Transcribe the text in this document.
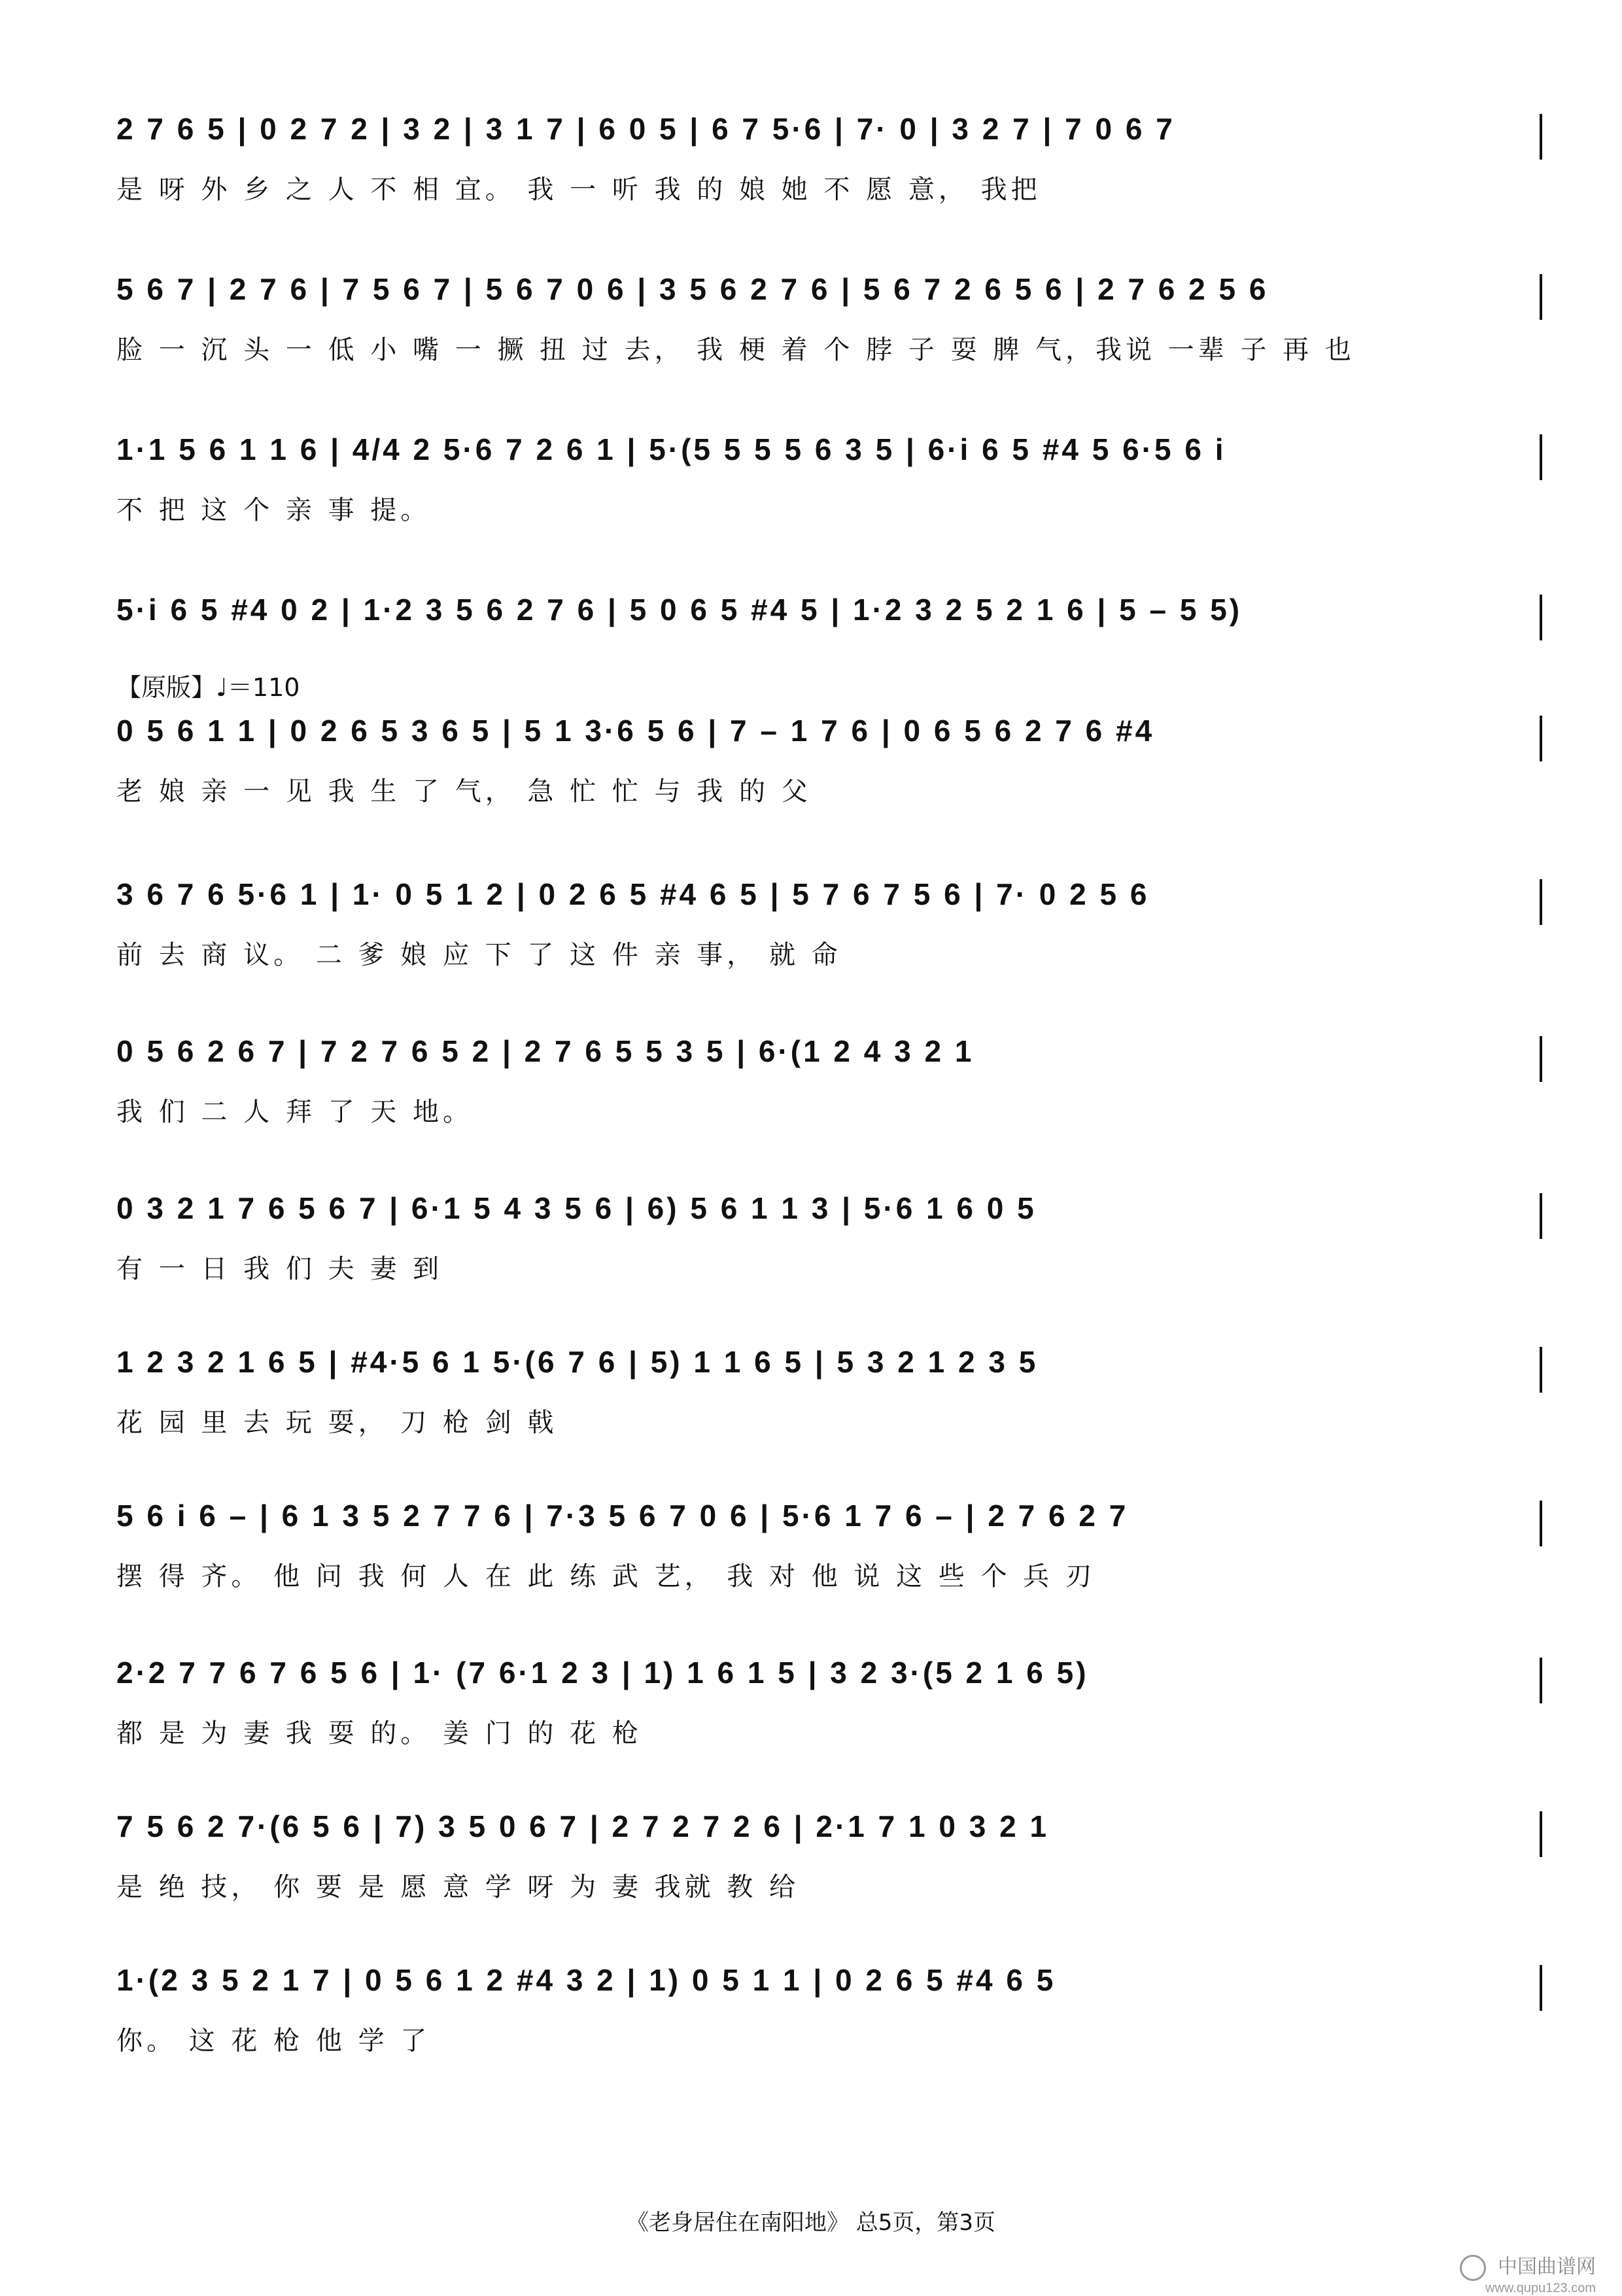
2 7 6 5 | 0 2 7 2 | 3 2 | 3 1 7 | 6 0 5 | 6 7 5·6 | 7· 0 | 3 2 7 | 7 0 6 7
是 呀 外 乡 之 人 不 相 宜。 我 一 听 我 的 娘 她 不 愿 意， 我把
5 6 7 | 2 7 6 | 7 5 6 7 | 5 6 7 0 6 | 3 5 6 2 7 6 | 5 6 7 2 6 5 6 | 2 7 6 2 5 6
脸 一 沉 头 一 低 小 嘴 一 撅 扭 过 去， 我 梗 着 个 脖 子 耍 脾 气，我说 一辈 子 再 也
1·1 5 6 1 1 6 | 4/4 2 5·6 7 2 6 1 | 5·(5 5 5 5 6 3 5 | 6·i 6 5 #4 5 6·5 6 i
不 把 这 个 亲 事 提。
5·i 6 5 #4 0 2 | 1·2 3 5 6 2 7 6 | 5 0 6 5 #4 5 | 1·2 3 2 5 2 1 6 | 5 – 5 5)
【原版】♩＝110
0 5 6 1 1 | 0 2 6 5 3 6 5 | 5 1 3·6 5 6 | 7 – 1 7 6 | 0 6 5 6 2 7 6 #4
老 娘 亲 一 见 我 生 了 气， 急 忙 忙 与 我 的 父
3 6 7 6 5·6 1 | 1· 0 5 1 2 | 0 2 6 5 #4 6 5 | 5 7 6 7 5 6 | 7· 0 2 5 6
前 去 商 议。 二 爹 娘 应 下 了 这 件 亲 事， 就 命
0 5 6 2 6 7 | 7 2 7 6 5 2 | 2 7 6 5 5 3 5 | 6·(1 2 4 3 2 1
我 们 二 人 拜 了 天 地。
0 3 2 1 7 6 5 6 7 | 6·1 5 4 3 5 6 | 6) 5 6 1 1 3 | 5·6 1 6 0 5
有 一 日 我 们 夫 妻 到
1 2 3 2 1 6 5 | #4·5 6 1 5·(6 7 6 | 5) 1 1 6 5 | 5 3 2 1 2 3 5
花 园 里 去 玩 耍， 刀 枪 剑 戟
5 6 i 6 – | 6 1 3 5 2 7 7 6 | 7·3 5 6 7 0 6 | 5·6 1 7 6 – | 2 7 6 2 7
摆 得 齐。 他 问 我 何 人 在 此 练 武 艺， 我 对 他 说 这 些 个 兵 刃
2·2 7 7 6 7 6 5 6 | 1· (7 6·1 2 3 | 1) 1 6 1 5 | 3 2 3·(5 2 1 6 5)
都 是 为 妻 我 耍 的。 姜 门 的 花 枪
7 5 6 2 7·(6 5 6 | 7) 3 5 0 6 7 | 2 7 2 7 2 6 | 2·1 7 1 0 3 2 1
是 绝 技， 你 要 是 愿 意 学 呀 为 妻 我就 教 给
1·(2 3 5 2 1 7 | 0 5 6 1 2 #4 3 2 | 1) 0 5 1 1 | 0 2 6 5 #4 6 5
你。 这 花 枪 他 学 了
《老身居住在南阳地》 总5页，第3页
中国曲谱网
www.qupu123.com
